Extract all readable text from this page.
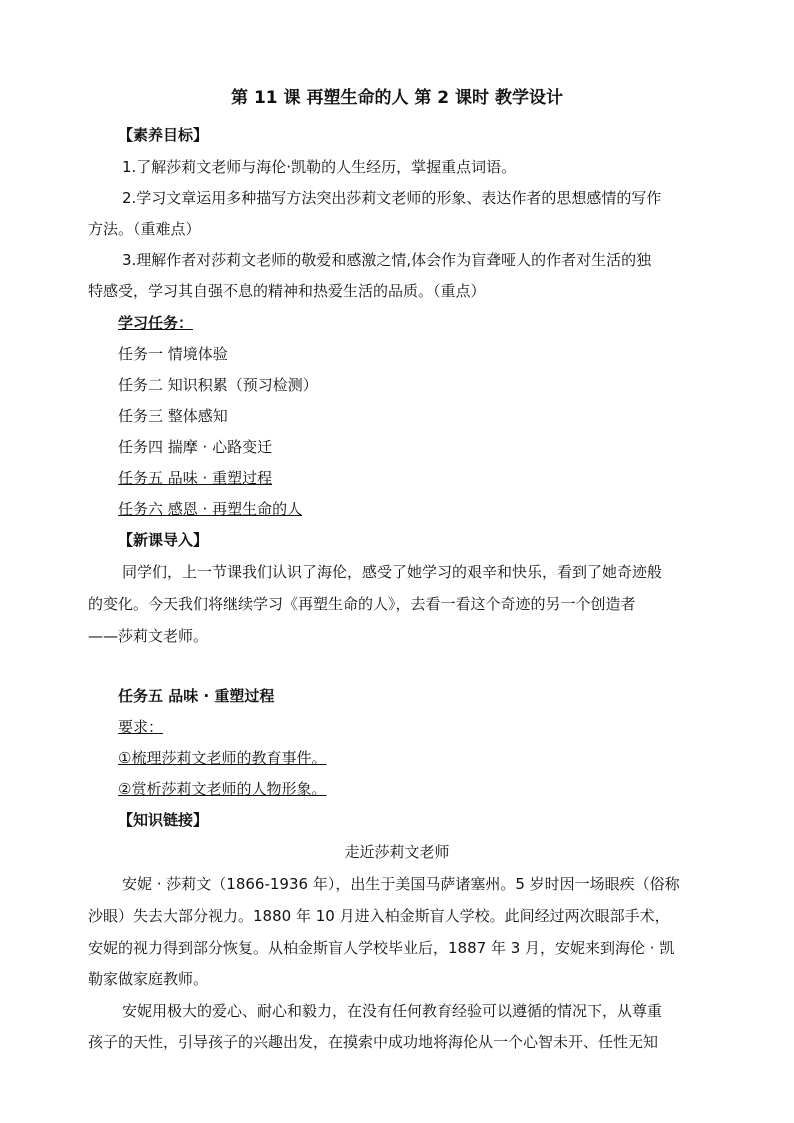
第 11 课 再塑生命的人 第 2 课时 教学设计
【素养目标】
1.了解莎莉文老师与海伦·凯勒的人生经历，掌握重点词语。
2.学习文章运用多种描写方法突出莎莉文老师的形象、表达作者的思想感情的写作
方法。（重难点）
3.理解作者对莎莉文老师的敬爱和感激之情,体会作为盲聋哑人的作者对生活的独
特感受，学习其自强不息的精神和热爱生活的品质。（重点）
学习任务：
任务一 情境体验
任务二 知识积累（预习检测）
任务三 整体感知
任务四 揣摩 · 心路变迁
任务五 品味 · 重塑过程
任务六 感恩 · 再塑生命的人
【新课导入】
同学们，上一节课我们认识了海伦，感受了她学习的艰辛和快乐，看到了她奇迹般
的变化。今天我们将继续学习《再塑生命的人》，去看一看这个奇迹的另一个创造者
——莎莉文老师。
任务五 品味 · 重塑过程
要求：
①梳理莎莉文老师的教育事件。
②赏析莎莉文老师的人物形象。
【知识链接】
走近莎莉文老师
安妮 · 莎莉文（1866-1936 年），出生于美国马萨诸塞州。5 岁时因一场眼疾（俗称
沙眼）失去大部分视力。1880 年 10 月进入柏金斯盲人学校。此间经过两次眼部手术，
安妮的视力得到部分恢复。从柏金斯盲人学校毕业后，1887 年 3 月，安妮来到海伦 · 凯
勒家做家庭教师。
安妮用极大的爱心、耐心和毅力，在没有任何教育经验可以遵循的情况下，从尊重
孩子的天性，引导孩子的兴趣出发，在摸索中成功地将海伦从一个心智未开、任性无知
